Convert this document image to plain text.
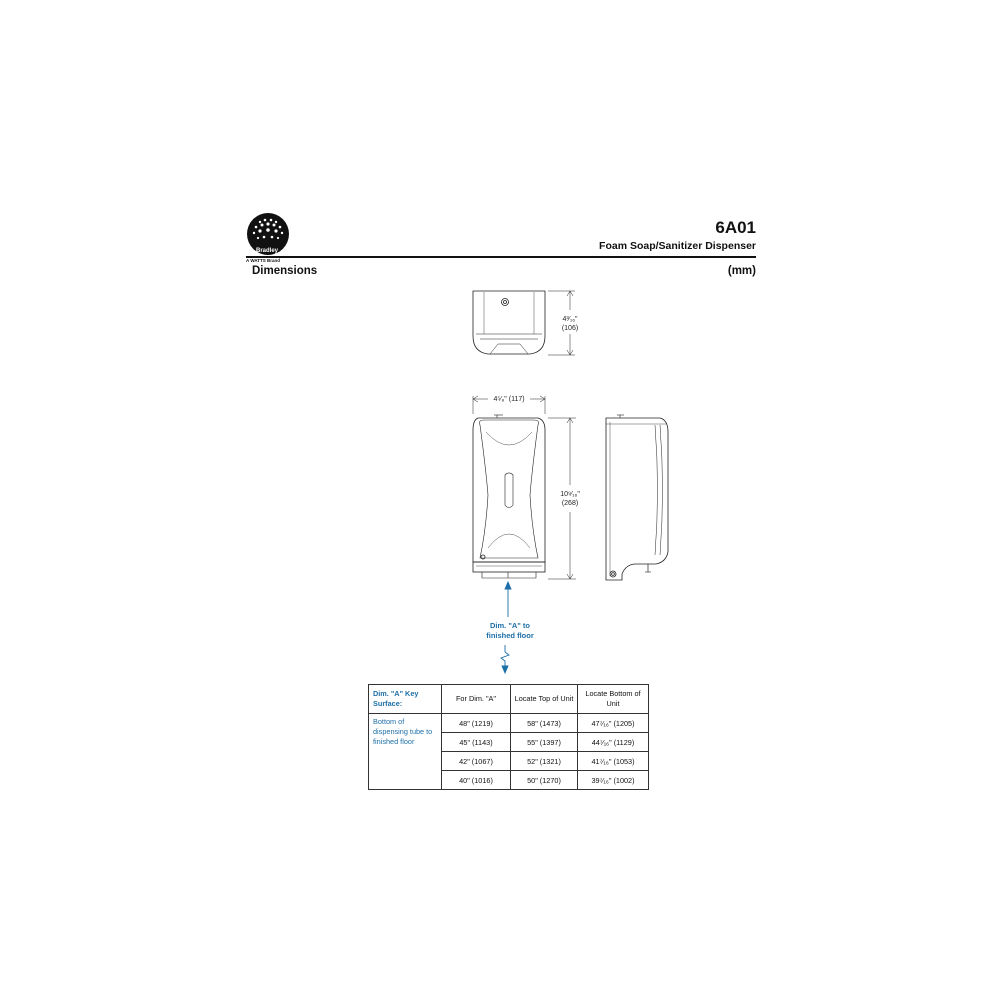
Bradley
A WATTS Brand
6A01
Foam Soap/Sanitizer Dispenser
Dimensions	(mm)
4³⁄₁₆"
(106)
4⁵⁄₈" (117)
10⁹⁄₁₆"
(268)
Dim. "A" to
finished floor
Dim. "A" Key Surface:	For Dim. "A"	Locate Top of Unit	Locate Bottom of Unit
Bottom of dispensing tube to finished floor	48" (1219)	58" (1473)	47⁷⁄₁₆" (1205)
	45" (1143)	55" (1397)	44⁷⁄₁₆" (1129)
	42" (1067)	52" (1321)	41⁷⁄₁₆" (1053)
	40" (1016)	50" (1270)	39⁷⁄₁₆" (1002)
